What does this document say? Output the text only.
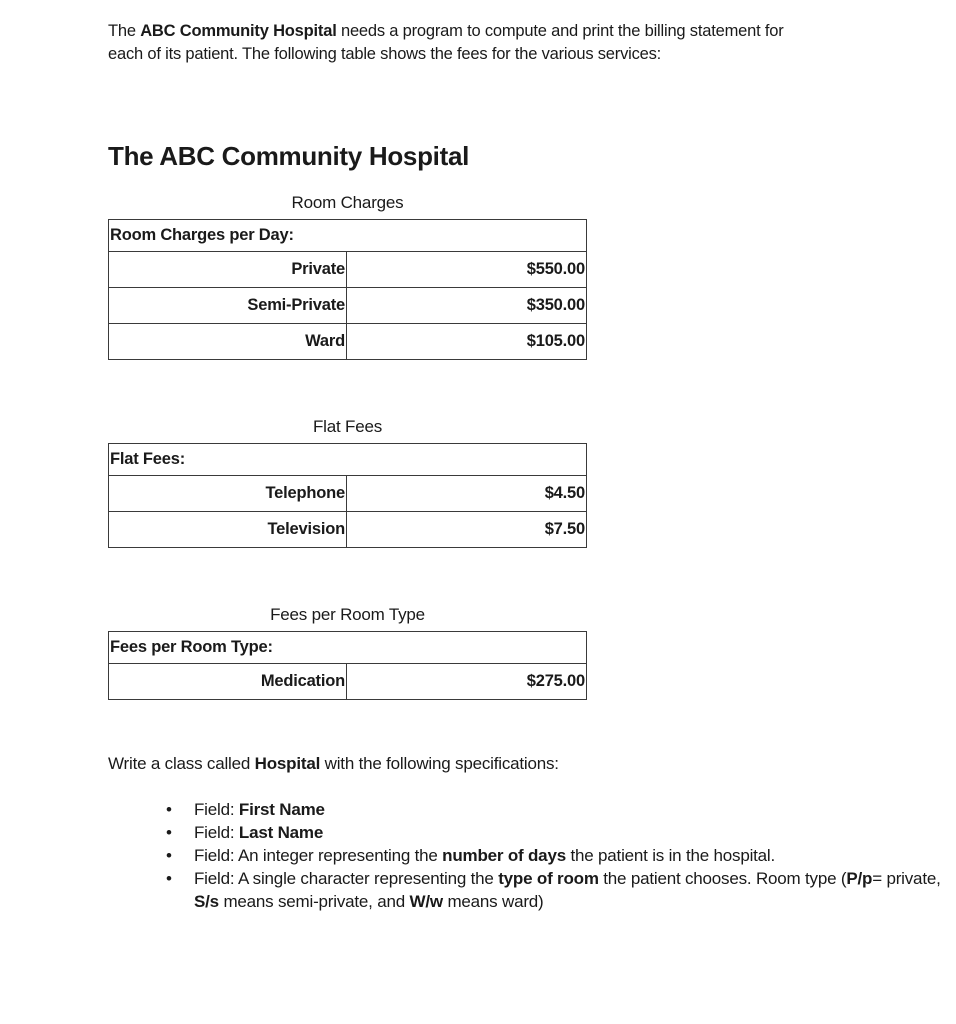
The ABC Community Hospital needs a program to compute and print the billing statement for each of its patient. The following table shows the fees for the various services:

The ABC Community Hospital
Room Charges
Room Charges per Day:	
Private	$550.00
Semi-Private	$350.00
Ward	$105.00
Flat Fees
Flat Fees:	
Telephone	$4.50
Television	$7.50
Fees per Room Type
Fees per Room Type:
Medication	$275.00

Write a class called Hospital with the following specifications:

• Field: First Name
• Field: Last Name
• Field: An integer representing the number of days the patient is in the hospital.
• Field: A single character representing the type of room the patient chooses. Room type (P/p= private, S/s means semi-private, and W/w means ward)
